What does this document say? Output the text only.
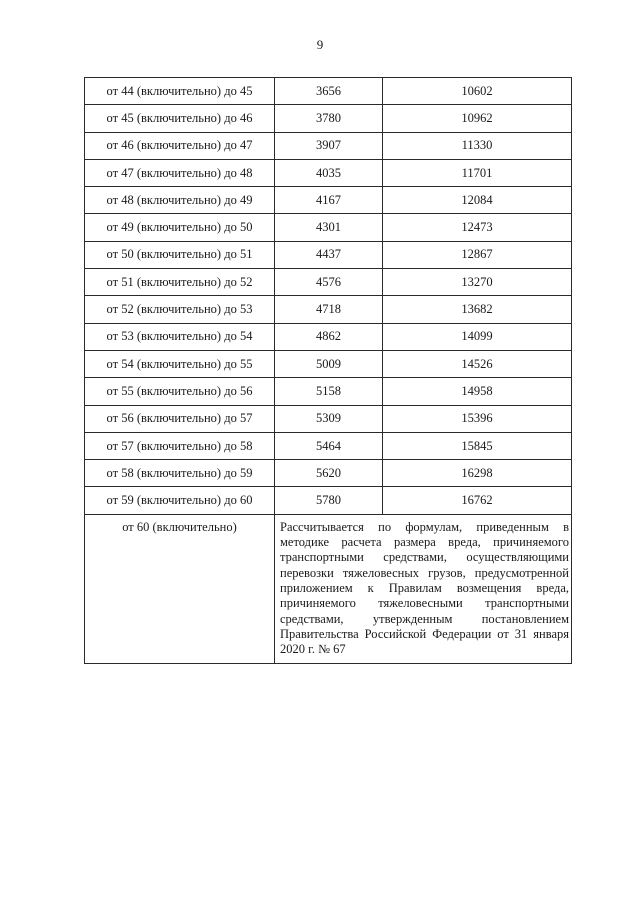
9
от 44 (включительно) до 45	3656	10602
от 45 (включительно) до 46	3780	10962
от 46 (включительно) до 47	3907	11330
от 47 (включительно) до 48	4035	11701
от 48 (включительно) до 49	4167	12084
от 49 (включительно) до 50	4301	12473
от 50 (включительно) до 51	4437	12867
от 51 (включительно) до 52	4576	13270
от 52 (включительно) до 53	4718	13682
от 53 (включительно) до 54	4862	14099
от 54 (включительно) до 55	5009	14526
от 55 (включительно) до 56	5158	14958
от 56 (включительно) до 57	5309	15396
от 57 (включительно) до 58	5464	15845
от 58 (включительно) до 59	5620	16298
от 59 (включительно) до 60	5780	16762
от 60 (включительно)	Рассчитывается по формулам, приведенным в методике расчета размера вреда, причиняемого транспортными средствами, осуществляющими перевозки тяжеловесных грузов, предусмотренной приложением к Правилам возмещения вреда, причиняемого тяжеловесными транспортными средствами, утвержденным постановлением Правительства Российской Федерации от 31 января 2020 г. № 67	
